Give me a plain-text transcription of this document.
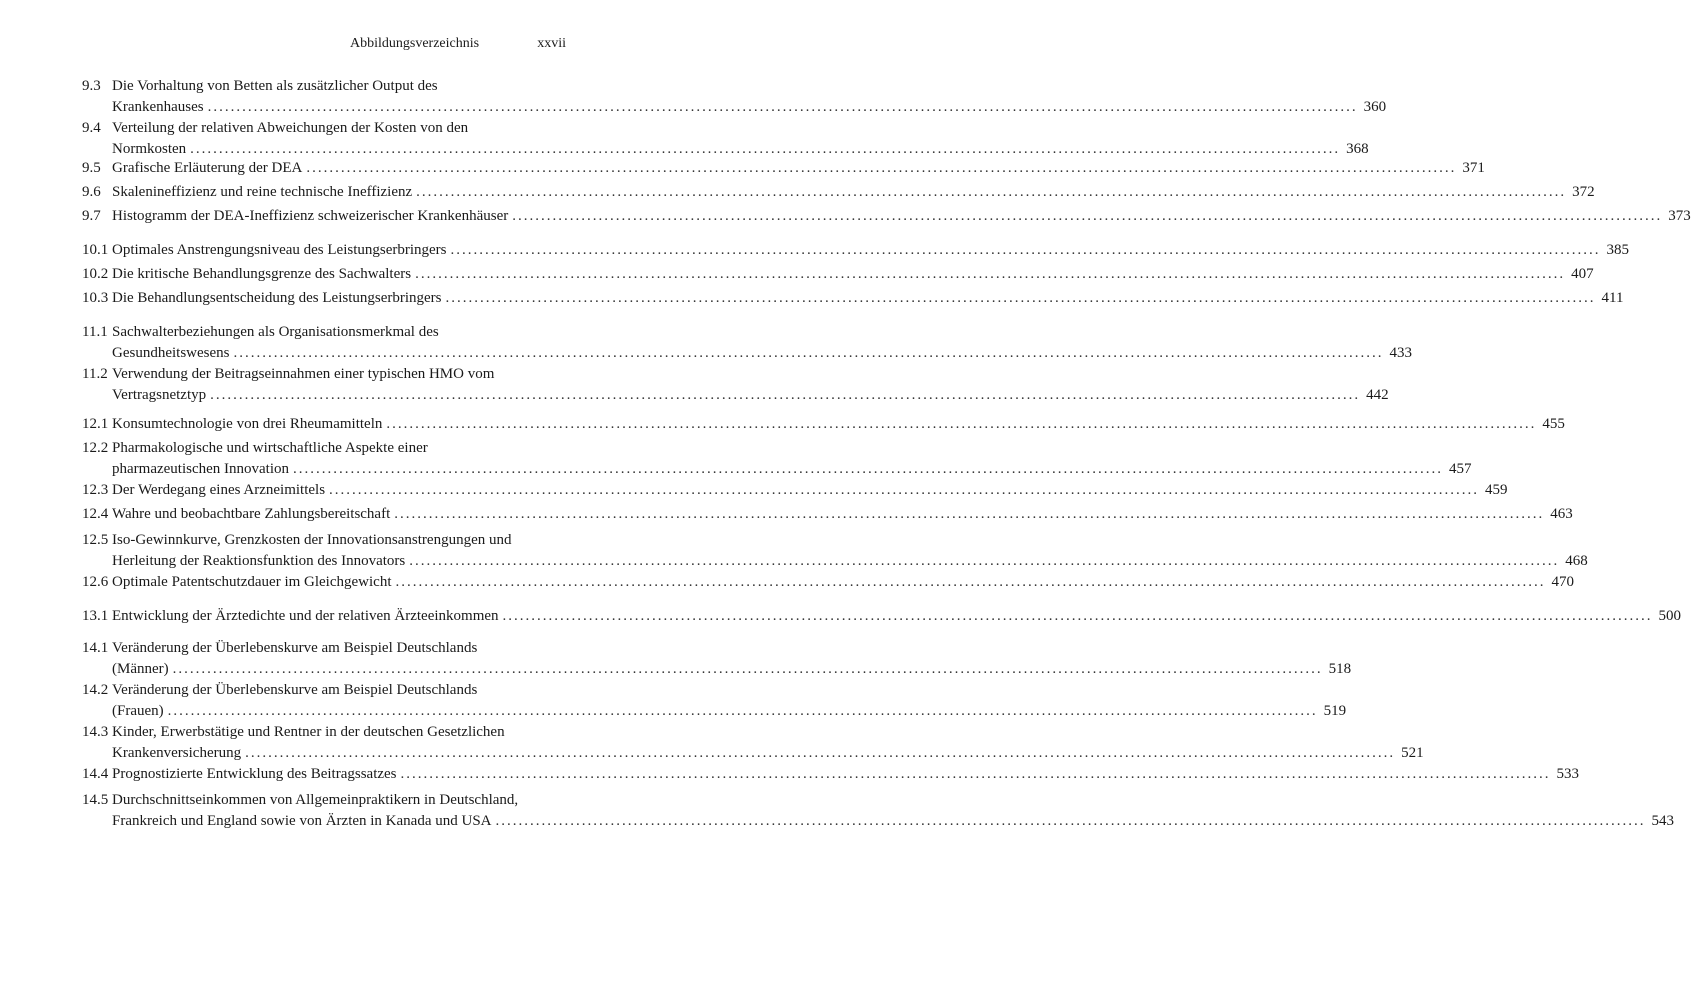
Abbildungsverzeichnis	xxvii
9.3 Die Vorhaltung von Betten als zusätzlicher Output des
Krankenhauses ........................................................................................................................................................................................................ 360
9.4 Verteilung der relativen Abweichungen der Kosten von den
Normkosten ........................................................................................................................................................................................................ 368
9.5 Grafische Erläuterung der DEA ........................................................................................................................................................................................................ 371
9.6 Skalenineffizienz und reine technische Ineffizienz ........................................................................................................................................................................................................ 372
9.7 Histogramm der DEA-Ineffizienz schweizerischer Krankenhäuser ........................................................................................................................................................................................................ 373
10.1 Optimales Anstrengungsniveau des Leistungserbringers ........................................................................................................................................................................................................ 385
10.2 Die kritische Behandlungsgrenze des Sachwalters ........................................................................................................................................................................................................ 407
10.3 Die Behandlungsentscheidung des Leistungserbringers ........................................................................................................................................................................................................ 411
11.1 Sachwalterbeziehungen als Organisationsmerkmal des
Gesundheitswesens ........................................................................................................................................................................................................ 433
11.2 Verwendung der Beitragseinnahmen einer typischen HMO vom
Vertragsnetztyp ........................................................................................................................................................................................................ 442
12.1 Konsumtechnologie von drei Rheumamitteln ........................................................................................................................................................................................................ 455
12.2 Pharmakologische und wirtschaftliche Aspekte einer
pharmazeutischen Innovation ........................................................................................................................................................................................................ 457
12.3 Der Werdegang eines Arzneimittels ........................................................................................................................................................................................................ 459
12.4 Wahre und beobachtbare Zahlungsbereitschaft ........................................................................................................................................................................................................ 463
12.5 Iso-Gewinnkurve, Grenzkosten der Innovationsanstrengungen und
Herleitung der Reaktionsfunktion des Innovators ........................................................................................................................................................................................................ 468
12.6 Optimale Patentschutzdauer im Gleichgewicht ........................................................................................................................................................................................................ 470
13.1 Entwicklung der Ärztedichte und der relativen Ärzteeinkommen ........................................................................................................................................................................................................ 500
14.1 Veränderung der Überlebenskurve am Beispiel Deutschlands
(Männer) ........................................................................................................................................................................................................ 518
14.2 Veränderung der Überlebenskurve am Beispiel Deutschlands
(Frauen) ........................................................................................................................................................................................................ 519
14.3 Kinder, Erwerbstätige und Rentner in der deutschen Gesetzlichen
Krankenversicherung ........................................................................................................................................................................................................ 521
14.4 Prognostizierte Entwicklung des Beitragssatzes ........................................................................................................................................................................................................ 533
14.5 Durchschnittseinkommen von Allgemeinpraktikern in Deutschland,
Frankreich und England sowie von Ärzten in Kanada und USA ........................................................................................................................................................................................................ 543
